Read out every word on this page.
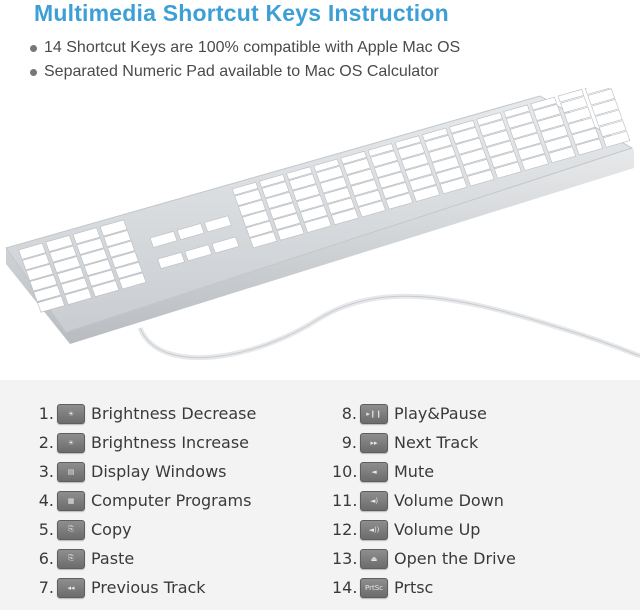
Multimedia Shortcut Keys Instruction
14 Shortcut Keys are 100% compatible with Apple Mac OS
Separated Numeric Pad available to Mac OS Calculator
1.	☀	Brightness Decrease
2.	☀	Brightness Increase
3.	▤	Display Windows
4.	▦	Computer Programs
5.	⎘	Copy
6.	⎘	Paste
7.	◂◂	Previous Track
8.	▸❙❙ Play&Pause
9.	▸▸	Next Track
10.	◄	Mute
11.	◄) Volume Down
12.	◄)) Volume Up
13.	⏏	Open the Drive
14.	PrtSc Prtsc
